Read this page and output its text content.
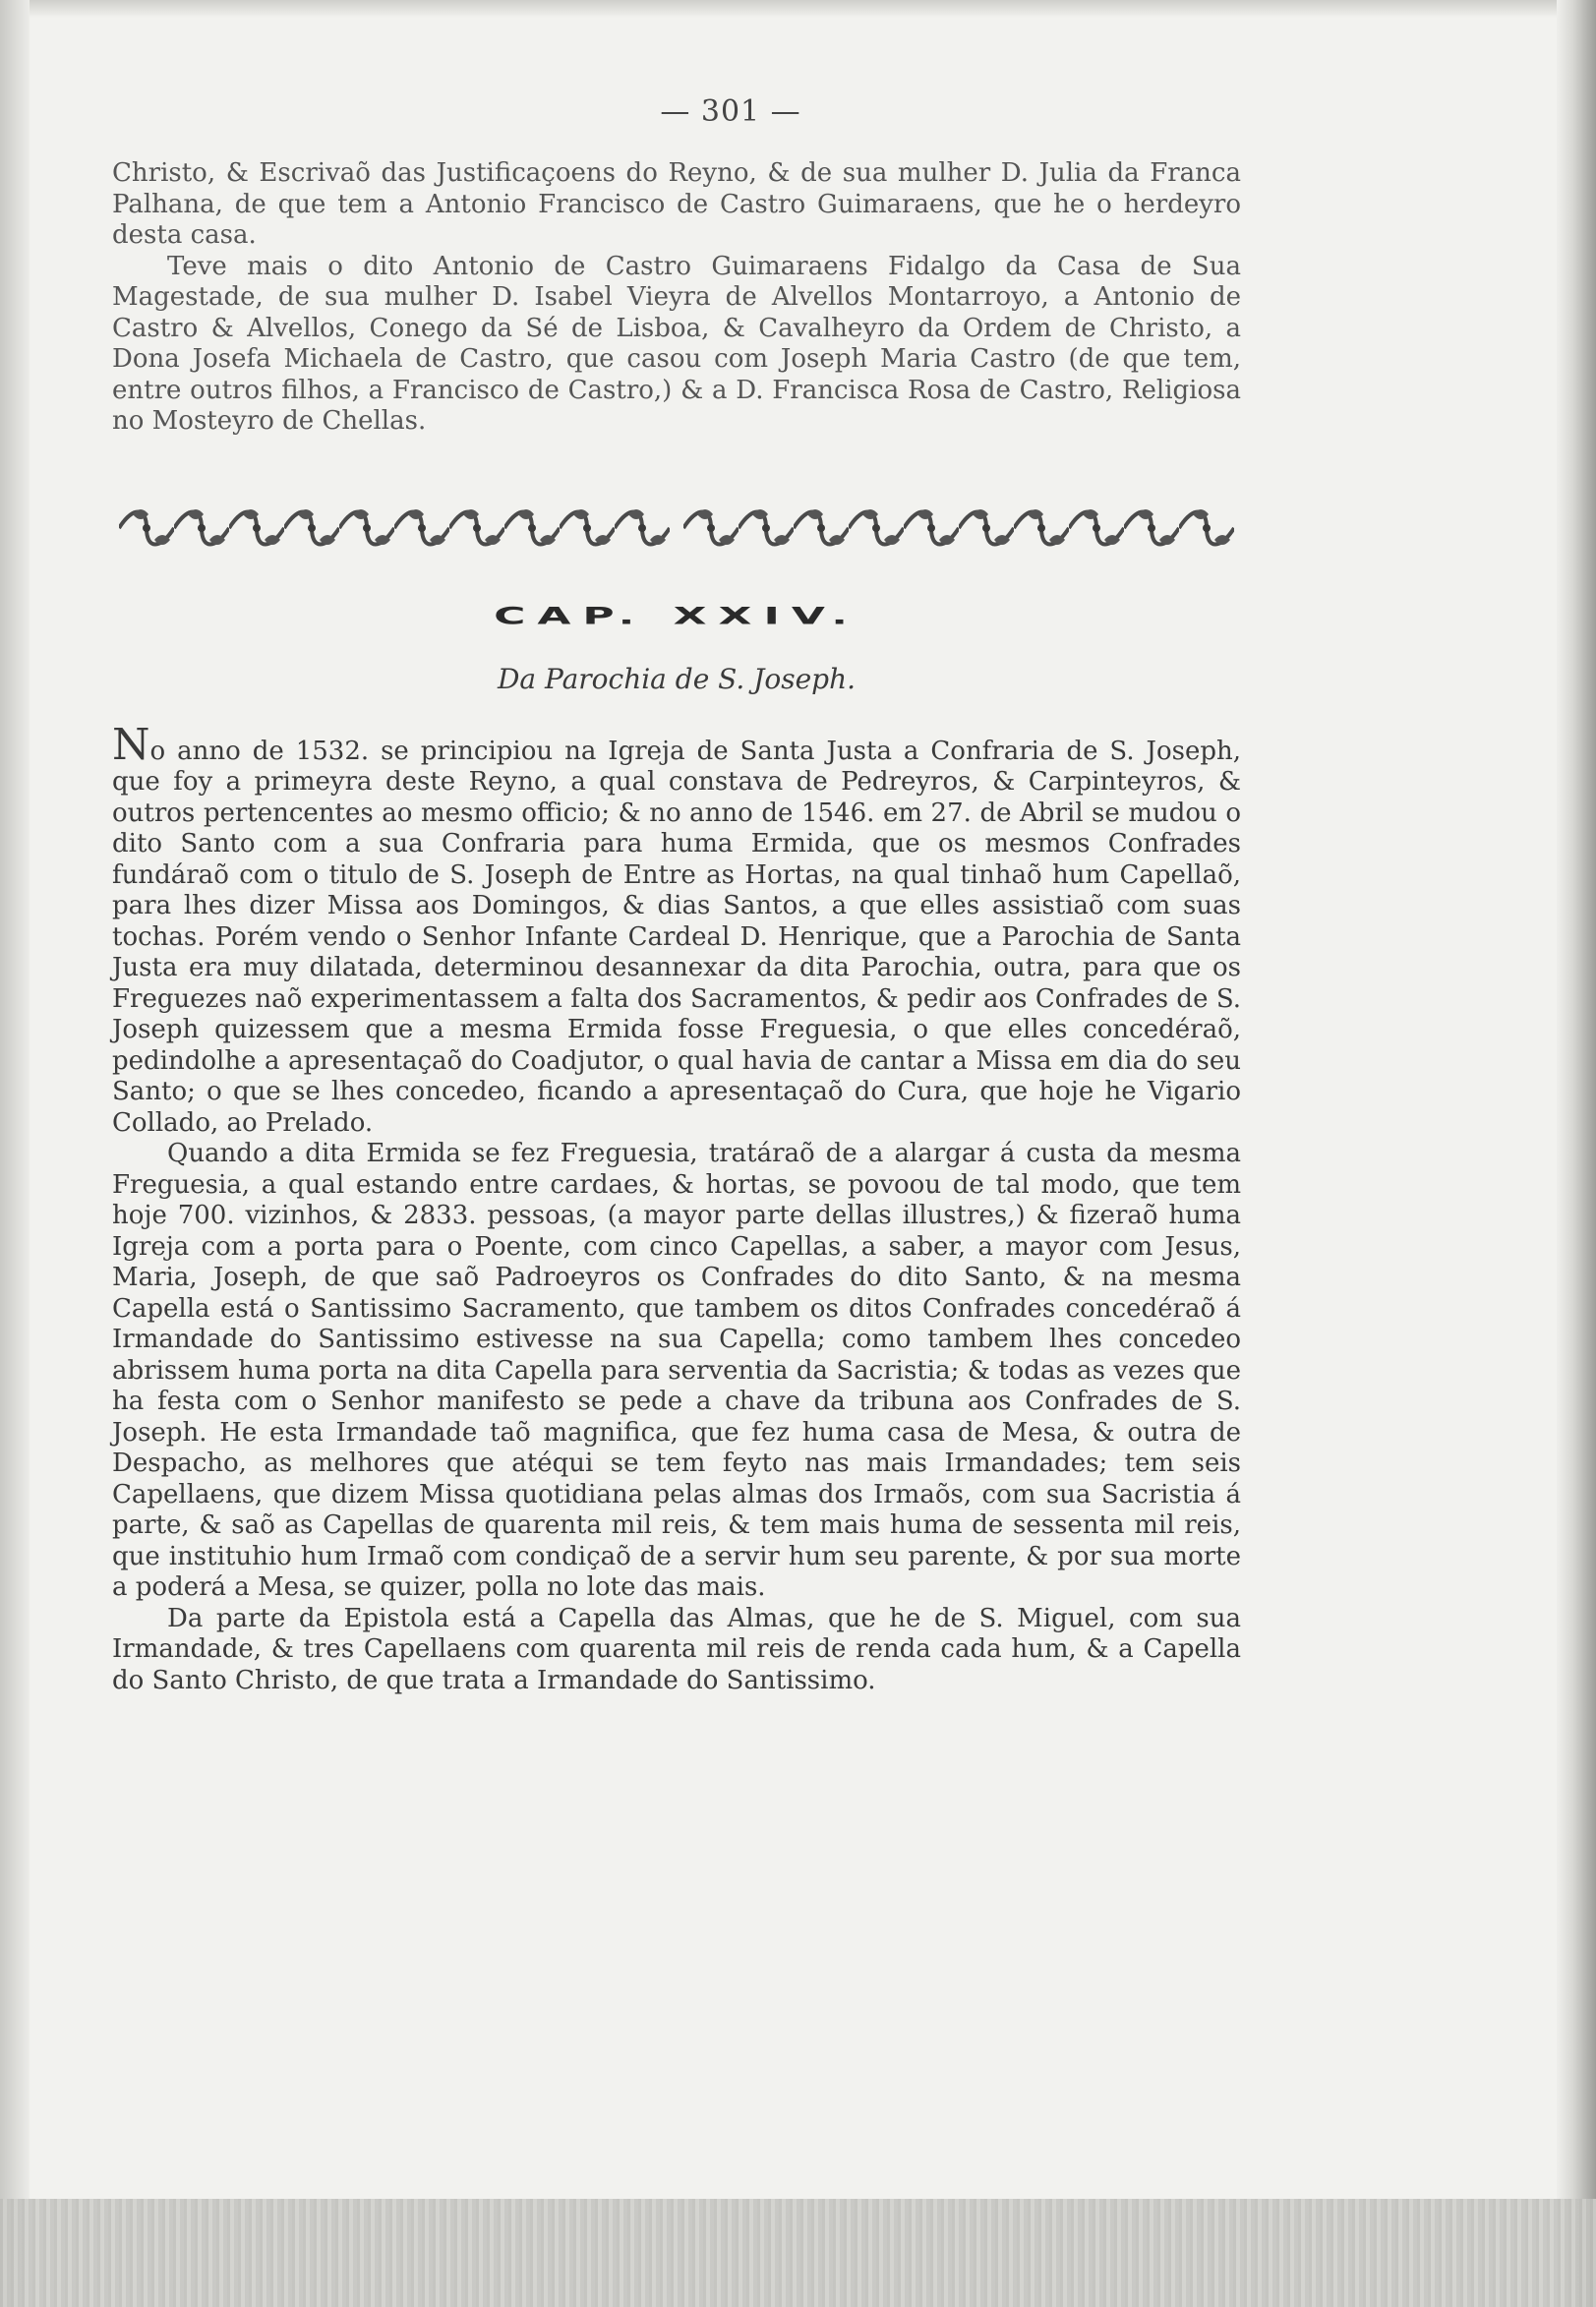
— 301 —

Christo, & Escrivaõ das Justificaçoens do Reyno, & de sua mulher D. Julia da Franca Palhana, de que tem a Antonio Francisco de Castro Guimaraens, que he o herdeyro desta casa.

Teve mais o dito Antonio de Castro Guimaraens Fidalgo da Casa de Sua Magestade, de sua mulher D. Isabel Vieyra de Alvellos Montarroyo, a Antonio de Castro & Alvellos, Conego da Sé de Lisboa, & Cavalheyro da Ordem de Christo, a Dona Josefa Michaela de Castro, que casou com Joseph Maria Castro (de que tem, entre outros filhos, a Francisco de Castro,) & a D. Francisca Rosa de Castro, Religiosa no Mosteyro de Chellas.

CAP. XXIV.
Da Parochia de S. Joseph.

No anno de 1532. se principiou na Igreja de Santa Justa a Confraria de S. Joseph, que foy a primeyra deste Reyno, a qual constava de Pedreyros, & Carpinteyros, & outros pertencentes ao mesmo officio; & no anno de 1546. em 27. de Abril se mudou o dito Santo com a sua Confraria para huma Ermida, que os mesmos Confrades fundáraõ com o titulo de S. Joseph de Entre as Hortas, na qual tinhaõ hum Capellaõ, para lhes dizer Missa aos Domingos, & dias Santos, a que elles assistiaõ com suas tochas. Porém vendo o Senhor Infante Cardeal D. Henrique, que a Parochia de Santa Justa era muy dilatada, determinou desannexar da dita Parochia, outra, para que os Freguezes naõ experimentassem a falta dos Sacramentos, & pedir aos Confrades de S. Joseph quizessem que a mesma Ermida fosse Freguesia, o que elles concedéraõ, pedindolhe a apresentaçaõ do Coadjutor, o qual havia de cantar a Missa em dia do seu Santo; o que se lhes concedeo, ficando a apresentaçaõ do Cura, que hoje he Vigario Collado, ao Prelado.

Quando a dita Ermida se fez Freguesia, tratáraõ de a alargar á custa da mesma Freguesia, a qual estando entre cardaes, & hortas, se povoou de tal modo, que tem hoje 700. vizinhos, & 2833. pessoas, (a mayor parte dellas illustres,) & fizeraõ huma Igreja com a porta para o Poente, com cinco Capellas, a saber, a mayor com Jesus, Maria, Joseph, de que saõ Padroeyros os Confrades do dito Santo, & na mesma Capella está o Santissimo Sacramento, que tambem os ditos Confrades concedéraõ á Irmandade do Santissimo estivesse na sua Capella; como tambem lhes concedeo abrissem huma porta na dita Capella para serventia da Sacristia; & todas as vezes que ha festa com o Senhor manifesto se pede a chave da tribuna aos Confrades de S. Joseph. He esta Irmandade taõ magnifica, que fez huma casa de Mesa, & outra de Despacho, as melhores que atéqui se tem feyto nas mais Irmandades; tem seis Capellaens, que dizem Missa quotidiana pelas almas dos Irmaõs, com sua Sacristia á parte, & saõ as Capellas de quarenta mil reis, & tem mais huma de sessenta mil reis, que instituhio hum Irmaõ com condiçaõ de a servir hum seu parente, & por sua morte a poderá a Mesa, se quizer, polla no lote das mais.

Da parte da Epistola está a Capella das Almas, que he de S. Miguel, com sua Irmandade, & tres Capellaens com quarenta mil reis de renda cada hum, & a Capella do Santo Christo, de que trata a Irmandade do Santissimo.
